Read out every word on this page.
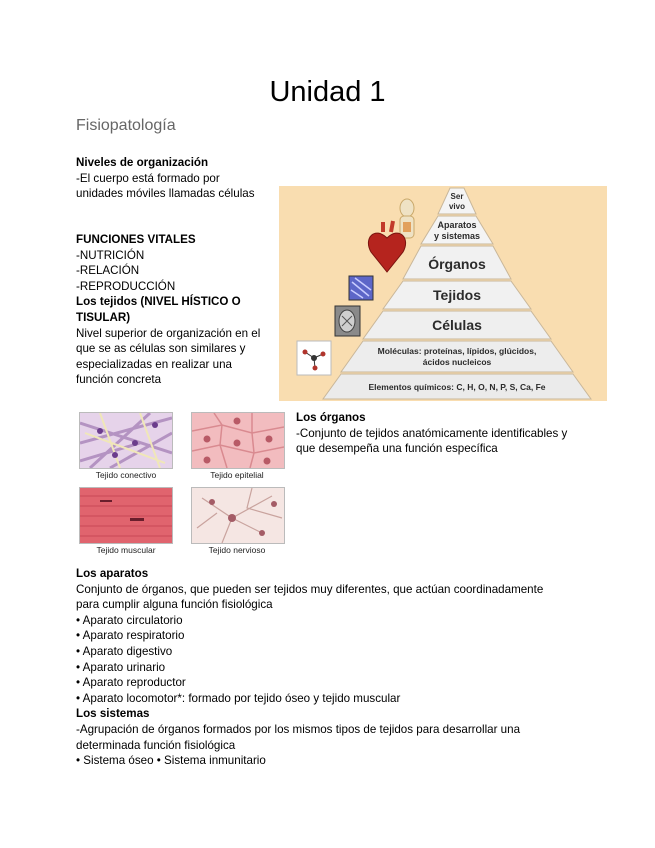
Unidad 1
Fisiopatología
Niveles de organización
-El cuerpo está formado por
unidades móviles llamadas células
FUNCIONES VITALES
-NUTRICIÓN
-RELACIÓN
-REPRODUCCIÓN
Los tejidos (NIVEL HÍSTICO O
TISULAR)
Nivel superior de organización en el
que se as células son similares y
especializadas en realizar una
función concreta
Ser
vivo
Aparatos
y sistemas
Órganos
Tejidos
Células
Moléculas: proteínas, lípidos, glúcidos,
ácidos nucleicos
Elementos químicos: C, H, O, N, P, S, Ca, Fe
Tejido conectivo	Tejido epitelial
Tejido muscular	Tejido nervioso
Los órganos
-Conjunto de tejidos anatómicamente identificables y
que desempeña una función específica
Los aparatos
Conjunto de órganos, que pueden ser tejidos muy diferentes, que actúan coordinadamente
para cumplir alguna función fisiológica
• Aparato circulatorio
• Aparato respiratorio
• Aparato digestivo
• Aparato urinario
• Aparato reproductor
• Aparato locomotor*: formado por tejido óseo y tejido muscular
Los sistemas
-Agrupación de órganos formados por los mismos tipos de tejidos para desarrollar una
determinada función fisiológica
• Sistema óseo • Sistema inmunitario
